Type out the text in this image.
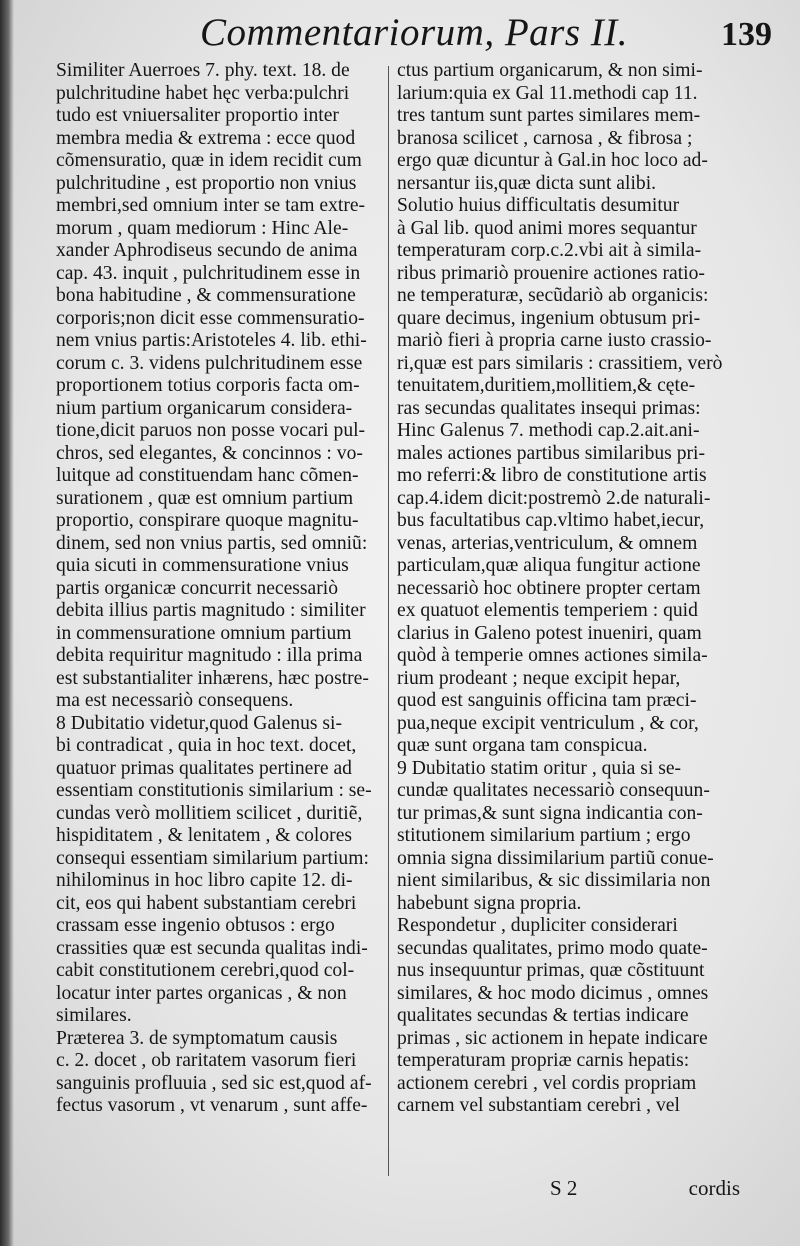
Commentariorum, Pars II.	139
Similiter Auerroes 7. phy. text. 18. de
pulchritudine habet hęc verba:pulchri
tudo est vniuersaliter proportio inter
membra media & extrema : ecce quod
cõmensuratio, quæ in idem recidit cum
pulchritudine , est proportio non vnius
membri,sed omnium inter se tam extre-
morum , quam mediorum : Hinc Ale-
xander Aphrodiseus secundo de anima
cap. 43. inquit , pulchritudinem esse in
bona habitudine , & commensuratione
corporis;non dicit esse commensuratio-
nem vnius partis:Aristoteles 4. lib. ethi-
corum c. 3. videns pulchritudinem esse
proportionem totius corporis facta om-
nium partium organicarum considera-
tione,dicit paruos non posse vocari pul-
chros, sed elegantes, & concinnos : vo-
luitque ad constituendam hanc cõmen-
surationem , quæ est omnium partium
proportio, conspirare quoque magnitu-
dinem, sed non vnius partis, sed omniũ:
quia sicuti in commensuratione vnius
partis organicæ concurrit necessariò
debita illius partis magnitudo : similiter
in commensuratione omnium partium
debita requiritur magnitudo : illa prima
est substantialiter inhærens, hæc postre-
ma est necessariò consequens.
8 Dubitatio videtur,quod Galenus si-
bi contradicat , quia in hoc text. docet,
quatuor primas qualitates pertinere ad
essentiam constitutionis similarium : se-
cundas verò mollitiem scilicet , duritiẽ,
hispiditatem , & lenitatem , & colores
consequi essentiam similarium partium:
nihilominus in hoc libro capite 12. di-
cit, eos qui habent substantiam cerebri
crassam esse ingenio obtusos : ergo
crassities quæ est secunda qualitas indi-
cabit constitutionem cerebri,quod col-
locatur inter partes organicas , & non
similares.
Præterea 3. de symptomatum causis
c. 2. docet , ob raritatem vasorum fieri
sanguinis profluuia , sed sic est,quod af-
fectus vasorum , vt venarum , sunt affe-
ctus partium organicarum, & non simi-
larium:quia ex Gal 11.methodi cap 11.
tres tantum sunt partes similares mem-
branosa scilicet , carnosa , & fibrosa ;
ergo quæ dicuntur à Gal.in hoc loco ad-
nersantur iis,quæ dicta sunt alibi.
Solutio huius difficultatis desumitur
à Gal lib. quod animi mores sequantur
temperaturam corp.c.2.vbi ait à simila-
ribus primariò prouenire actiones ratio-
ne temperaturæ, secũdariò ab organicis:
quare decimus, ingenium obtusum pri-
mariò fieri à propria carne iusto crassio-
ri,quæ est pars similaris : crassitiem, verò
tenuitatem,duritiem,mollitiem,& cęte-
ras secundas qualitates insequi primas:
Hinc Galenus 7. methodi cap.2.ait.ani-
males actiones partibus similaribus pri-
mo referri:& libro de constitutione artis
cap.4.idem dicit:postremò 2.de naturali-
bus facultatibus cap.vltimo habet,iecur,
venas, arterias,ventriculum, & omnem
particulam,quæ aliqua fungitur actione
necessariò hoc obtinere propter certam
ex quatuot elementis temperiem : quid
clarius in Galeno potest inueniri, quam
quòd à temperie omnes actiones simila-
rium prodeant ; neque excipit hepar,
quod est sanguinis officina tam præci-
pua,neque excipit ventriculum , & cor,
quæ sunt organa tam conspicua.
9 Dubitatio statim oritur , quia si se-
cundæ qualitates necessariò consequun-
tur primas,& sunt signa indicantia con-
stitutionem similarium partium ; ergo
omnia signa dissimilarium partiũ conue-
nient similaribus, & sic dissimilaria non
habebunt signa propria.
Respondetur , dupliciter considerari
secundas qualitates, primo modo quate-
nus insequuntur primas, quæ cõstituunt
similares, & hoc modo dicimus , omnes
qualitates secundas & tertias indicare
primas , sic actionem in hepate indicare
temperaturam propriæ carnis hepatis:
actionem cerebri , vel cordis propriam
carnem vel substantiam cerebri , vel
S 2	cordis
